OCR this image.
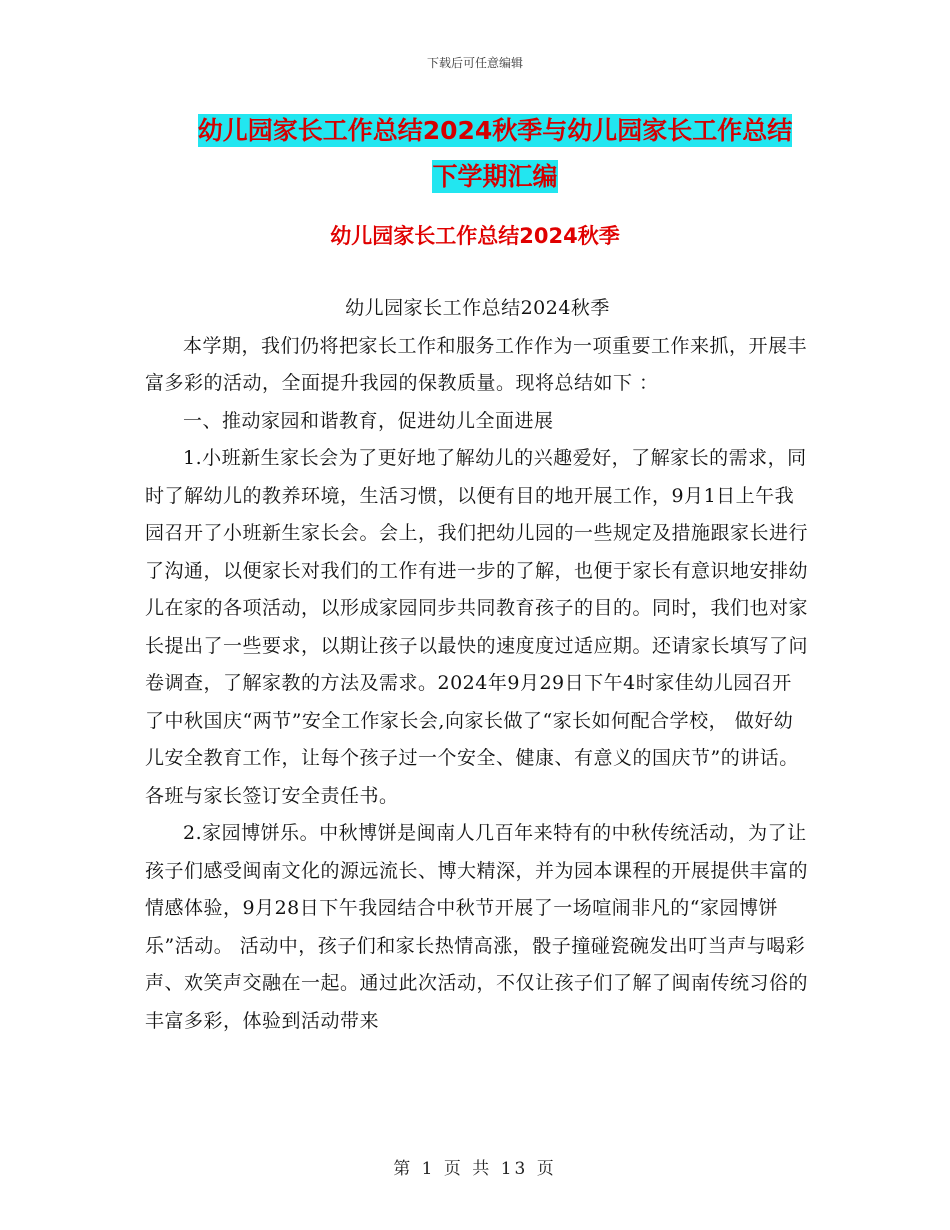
下载后可任意编辑
幼儿园家长工作总结2024秋季与幼儿园家长工作总结
下学期汇编
幼儿园家长工作总结2024秋季

幼儿园家长工作总结2024秋季

本学期，我们仍将把家长工作和服务工作作为一项重要工作来抓，开展丰富多彩的活动，全面提升我园的保教质量。现将总结如下 ：

一、推动家园和谐教育，促进幼儿全面进展

1.小班新生家长会为了更好地了解幼儿的兴趣爱好，了解家长的需求，同时了解幼儿的教养环境，生活习惯，以便有目的地开展工作，9月1日上午我园召开了小班新生家长会。会上，我们把幼儿园的一些规定及措施跟家长进行了沟通，以便家长对我们的工作有进一步的了解，也便于家长有意识地安排幼儿在家的各项活动，以形成家园同步共同教育孩子的目的。同时，我们也对家长提出了一些要求，以期让孩子以最快的速度度过适应期。还请家长填写了问卷调查，了解家教的方法及需求。2024年9月29日下午4时家佳幼儿园召开了中秋国庆“两节”安全工作家长会,向家长做了“家长如何配合学校， 做好幼儿安全教育工作，让每个孩子过一个安全、健康、有意义的国庆节”的讲话。各班与家长签订安全责任书。

2.家园博饼乐。中秋博饼是闽南人几百年来特有的中秋传统活动，为了让孩子们感受闽南文化的源远流长、博大精深，并为园本课程的开展提供丰富的情感体验，9月28日下午我园结合中秋节开展了一场喧闹非凡的“家园博饼乐”活动。 活动中，孩子们和家长热情高涨，骰子撞碰瓷碗发出叮当声与喝彩声、欢笑声交融在一起。通过此次活动，不仅让孩子们了解了闽南传统习俗的丰富多彩，体验到活动带来

第 1 页 共 13 页
